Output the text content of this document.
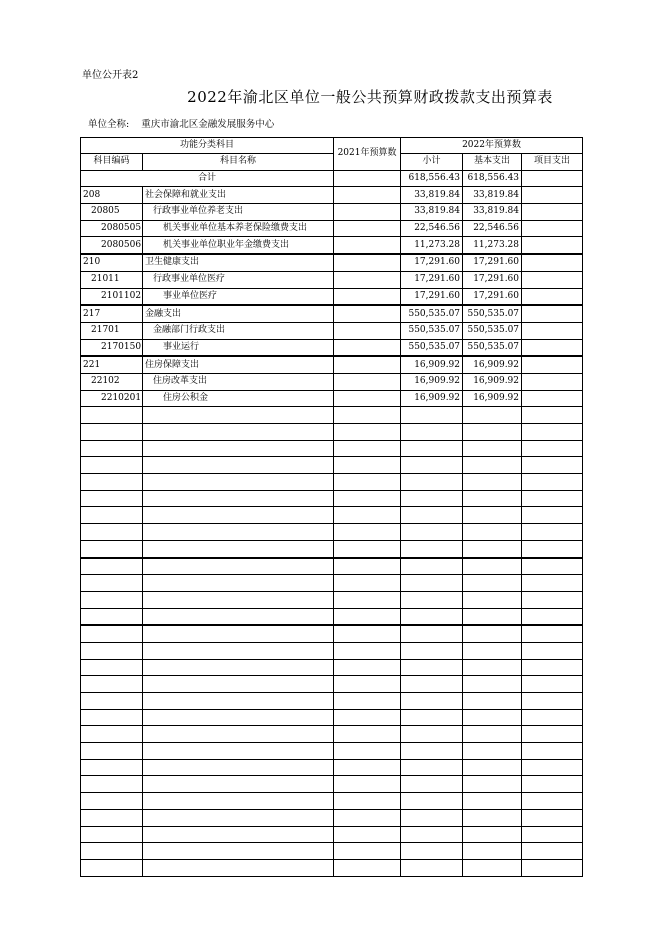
单位公开表2
2022年渝北区单位一般公共预算财政拨款支出预算表
单位全称: 重庆市渝北区金融发展服务中心
功能分类科目		2021年预算数	2022年预算数		
科目编码	科目名称		小计	基本支出	项目支出
合计			618,556.43	618,556.43	
208	社会保障和就业支出		33,819.84	33,819.84	
20805	行政事业单位养老支出		33,819.84	33,819.84	
2080505	机关事业单位基本养老保险缴费支出		22,546.56	22,546.56	
2080506	机关事业单位职业年金缴费支出		11,273.28	11,273.28	
210	卫生健康支出		17,291.60	17,291.60	
21011	行政事业单位医疗		17,291.60	17,291.60	
2101102	事业单位医疗		17,291.60	17,291.60	
217	金融支出		550,535.07	550,535.07	
21701	金融部门行政支出		550,535.07	550,535.07	
2170150	事业运行		550,535.07	550,535.07	
221	住房保障支出		16,909.92	16,909.92	
22102	住房改革支出		16,909.92	16,909.92	
2210201	住房公积金		16,909.92	16,909.92	
